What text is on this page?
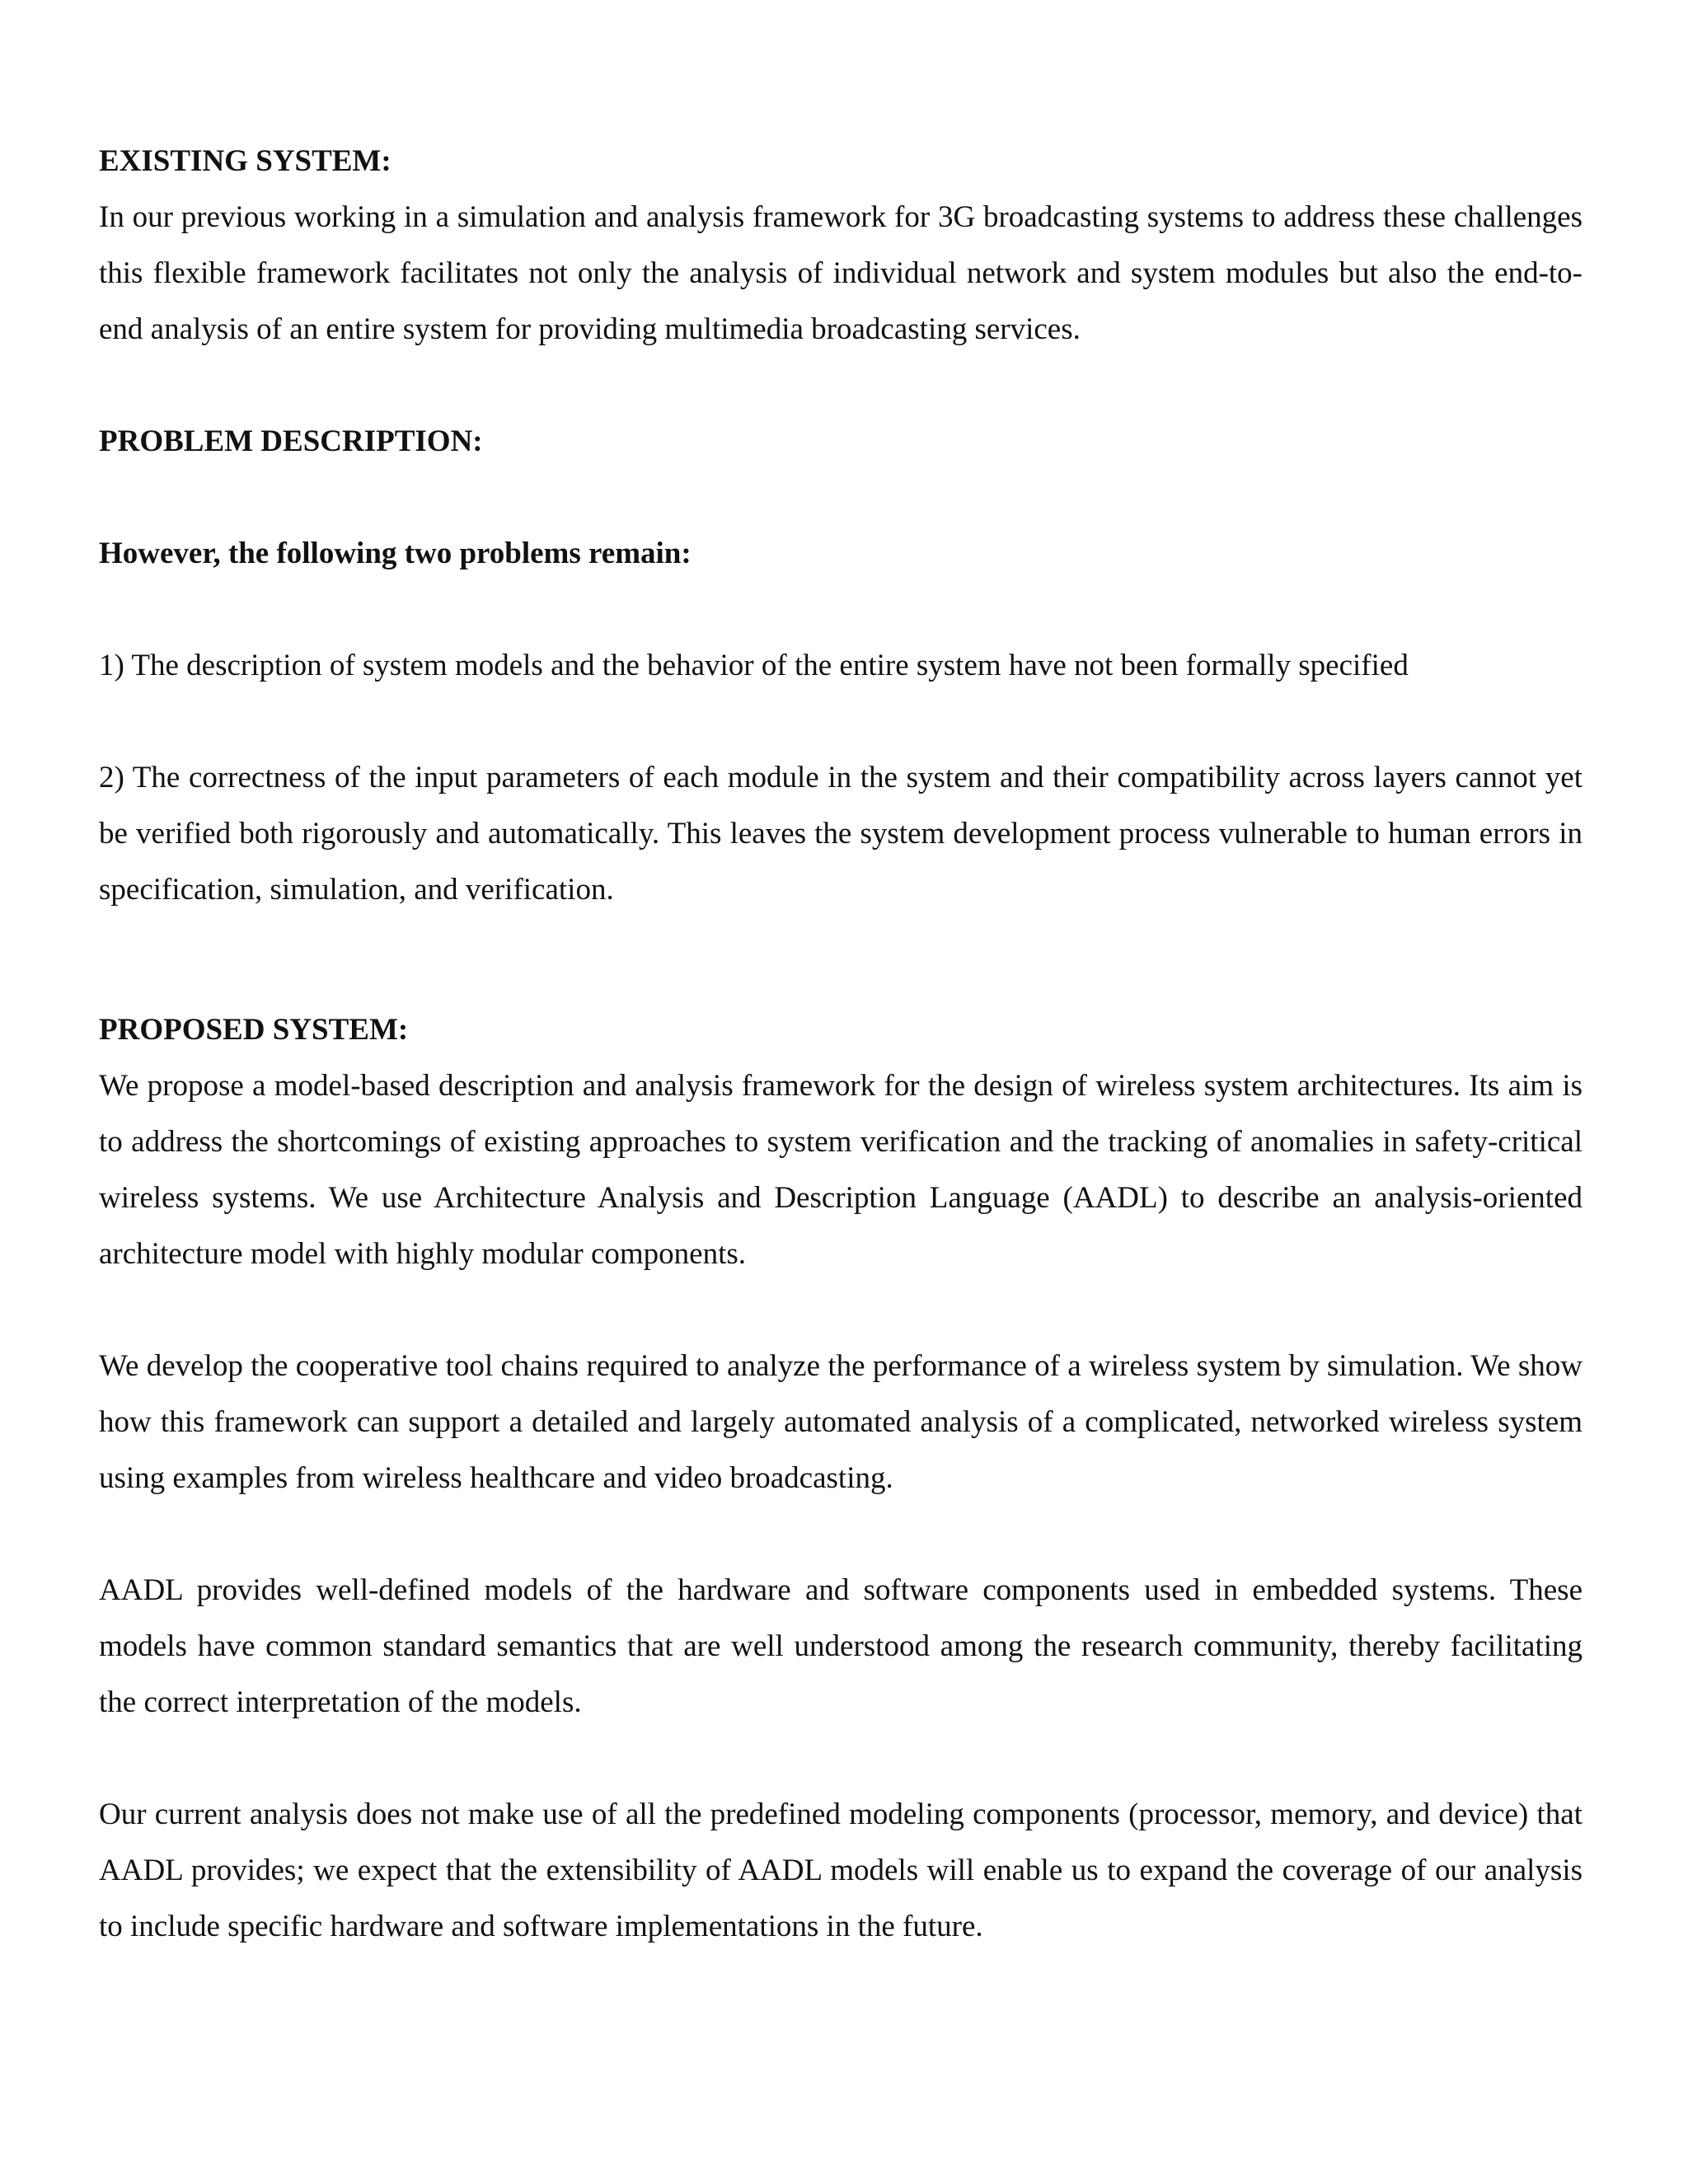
EXISTING SYSTEM:

In our previous working in a simulation and analysis framework for 3G broadcasting systems to address these challenges this flexible framework facilitates not only the analysis of individual network and system modules but also the end-to-end analysis of an entire system for providing multimedia broadcasting services.

PROBLEM DESCRIPTION:

However, the following two problems remain:

1) The description of system models and the behavior of the entire system have not been formally specified

2) The correctness of the input parameters of each module in the system and their compatibility across layers cannot yet be verified both rigorously and automatically. This leaves the system development process vulnerable to human errors in specification, simulation, and verification.

PROPOSED SYSTEM:

We propose a model-based description and analysis framework for the design of wireless system architectures. Its aim is to address the shortcomings of existing approaches to system verification and the tracking of anomalies in safety-critical wireless systems. We use Architecture Analysis and Description Language (AADL) to describe an analysis-oriented architecture model with highly modular components.

We develop the cooperative tool chains required to analyze the performance of a wireless system by simulation. We show how this framework can support a detailed and largely automated analysis of a complicated, networked wireless system using examples from wireless healthcare and video broadcasting.

AADL provides well-defined models of the hardware and software components used in embedded systems. These models have common standard semantics that are well understood among the research community, thereby facilitating the correct interpretation of the models.

Our current analysis does not make use of all the predefined modeling components (processor, memory, and device) that AADL provides; we expect that the extensibility of AADL models will enable us to expand the coverage of our analysis to include specific hardware and software implementations in the future.
